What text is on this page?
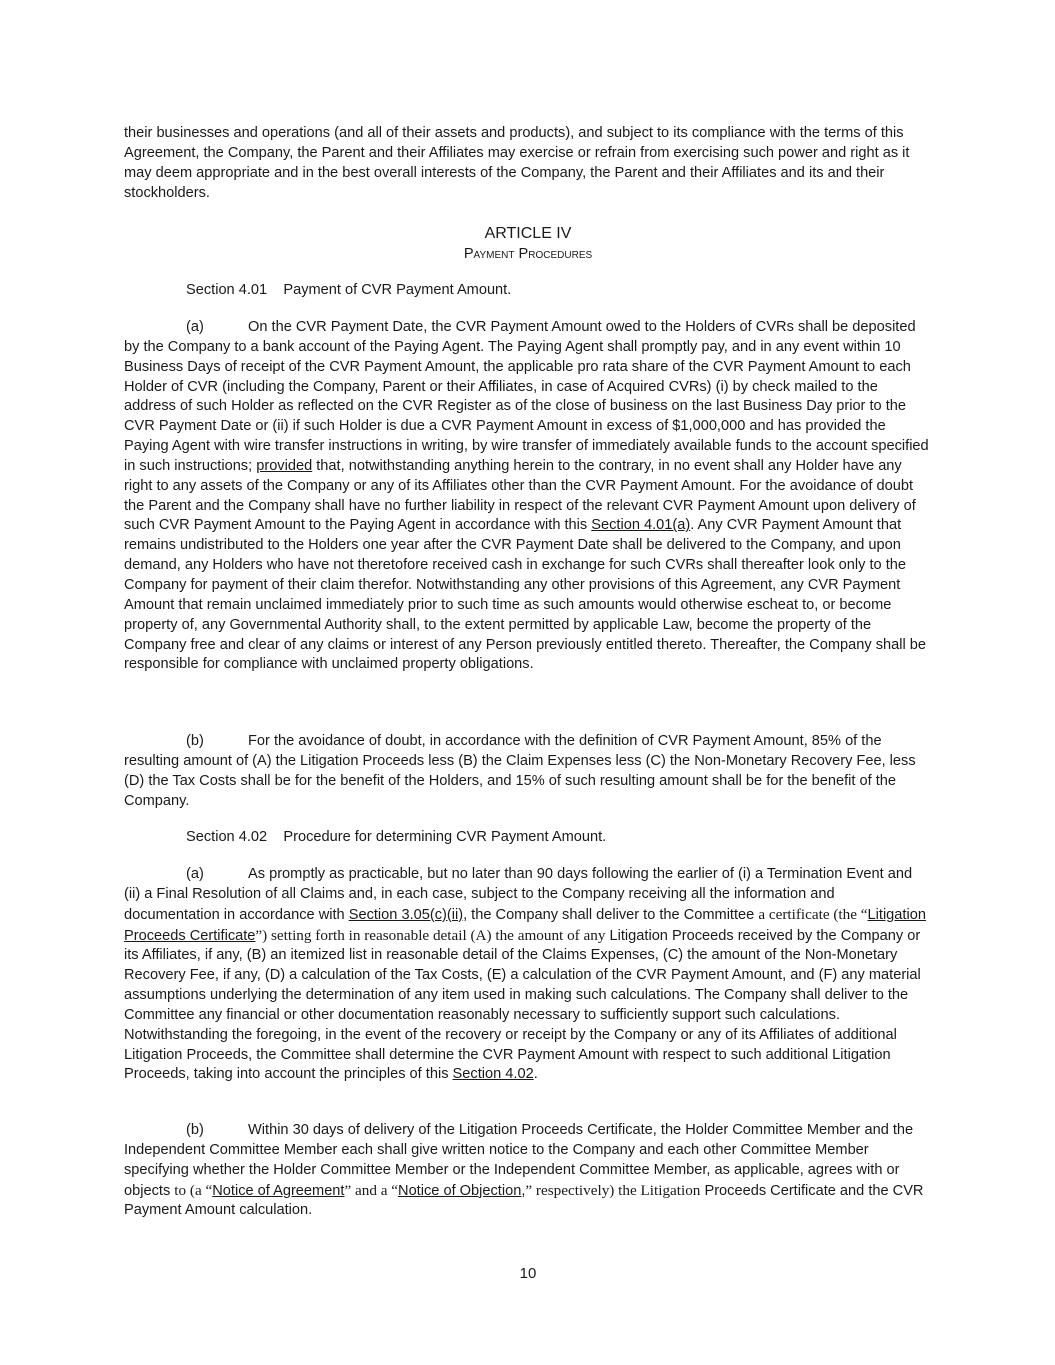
their businesses and operations (and all of their assets and products), and subject to its compliance with the terms of this Agreement, the Company, the Parent and their Affiliates may exercise or refrain from exercising such power and right as it may deem appropriate and in the best overall interests of the Company, the Parent and their Affiliates and its and their stockholders.
ARTICLE IV
Payment Procedures
Section 4.01 Payment of CVR Payment Amount.
(a)	On the CVR Payment Date, the CVR Payment Amount owed to the Holders of CVRs shall be deposited by the Company to a bank account of the Paying Agent. The Paying Agent shall promptly pay, and in any event within 10 Business Days of receipt of the CVR Payment Amount, the applicable pro rata share of the CVR Payment Amount to each Holder of CVR (including the Company, Parent or their Affiliates, in case of Acquired CVRs) (i) by check mailed to the address of such Holder as reflected on the CVR Register as of the close of business on the last Business Day prior to the CVR Payment Date or (ii) if such Holder is due a CVR Payment Amount in excess of $1,000,000 and has provided the Paying Agent with wire transfer instructions in writing, by wire transfer of immediately available funds to the account specified in such instructions; provided that, notwithstanding anything herein to the contrary, in no event shall any Holder have any right to any assets of the Company or any of its Affiliates other than the CVR Payment Amount. For the avoidance of doubt the Parent and the Company shall have no further liability in respect of the relevant CVR Payment Amount upon delivery of such CVR Payment Amount to the Paying Agent in accordance with this Section 4.01(a). Any CVR Payment Amount that remains undistributed to the Holders one year after the CVR Payment Date shall be delivered to the Company, and upon demand, any Holders who have not theretofore received cash in exchange for such CVRs shall thereafter look only to the Company for payment of their claim therefor. Notwithstanding any other provisions of this Agreement, any CVR Payment Amount that remain unclaimed immediately prior to such time as such amounts would otherwise escheat to, or become property of, any Governmental Authority shall, to the extent permitted by applicable Law, become the property of the Company free and clear of any claims or interest of any Person previously entitled thereto. Thereafter, the Company shall be responsible for compliance with unclaimed property obligations.
(b)	For the avoidance of doubt, in accordance with the definition of CVR Payment Amount, 85% of the resulting amount of (A) the Litigation Proceeds less (B) the Claim Expenses less (C) the Non-Monetary Recovery Fee, less (D) the Tax Costs shall be for the benefit of the Holders, and 15% of such resulting amount shall be for the benefit of the Company.
Section 4.02 Procedure for determining CVR Payment Amount.
(a)	As promptly as practicable, but no later than 90 days following the earlier of (i) a Termination Event and (ii) a Final Resolution of all Claims and, in each case, subject to the Company receiving all the information and documentation in accordance with Section 3.05(c)(ii), the Company shall deliver to the Committee a certificate (the “Litigation Proceeds Certificate”) setting forth in reasonable detail (A) the amount of any Litigation Proceeds received by the Company or its Affiliates, if any, (B) an itemized list in reasonable detail of the Claims Expenses, (C) the amount of the Non-Monetary Recovery Fee, if any, (D) a calculation of the Tax Costs, (E) a calculation of the CVR Payment Amount, and (F) any material assumptions underlying the determination of any item used in making such calculations. The Company shall deliver to the Committee any financial or other documentation reasonably necessary to sufficiently support such calculations. Notwithstanding the foregoing, in the event of the recovery or receipt by the Company or any of its Affiliates of additional Litigation Proceeds, the Committee shall determine the CVR Payment Amount with respect to such additional Litigation Proceeds, taking into account the principles of this Section 4.02.
(b)	Within 30 days of delivery of the Litigation Proceeds Certificate, the Holder Committee Member and the Independent Committee Member each shall give written notice to the Company and each other Committee Member specifying whether the Holder Committee Member or the Independent Committee Member, as applicable, agrees with or objects to (a “Notice of Agreement” and a “Notice of Objection,” respectively) the Litigation Proceeds Certificate and the CVR Payment Amount calculation.
10
